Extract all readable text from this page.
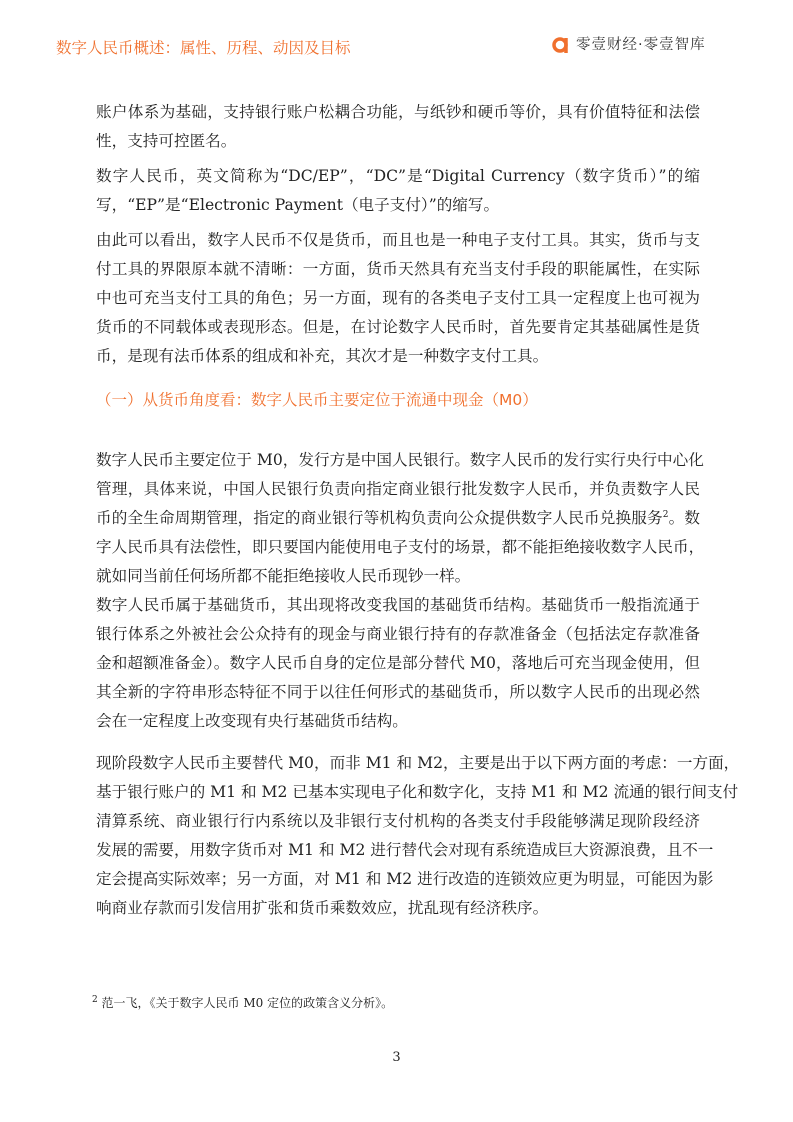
数字人民币概述：属性、历程、动因及目标	零壹财经·零壹智库
账户体系为基础，支持银行账户松耦合功能，与纸钞和硬币等价，具有价值特征和法偿
性，支持可控匿名。
数字人民币，英文简称为“DC/EP”，“DC”是“Digital Currency（数字货币）”的缩
写，“EP”是“Electronic Payment（电子支付）”的缩写。
由此可以看出，数字人民币不仅是货币，而且也是一种电子支付工具。其实，货币与支
付工具的界限原本就不清晰：一方面，货币天然具有充当支付手段的职能属性，在实际
中也可充当支付工具的角色；另一方面，现有的各类电子支付工具一定程度上也可视为
货币的不同载体或表现形态。但是，在讨论数字人民币时，首先要肯定其基础属性是货
币，是现有法币体系的组成和补充，其次才是一种数字支付工具。
（一）从货币角度看：数字人民币主要定位于流通中现金（M0）
数字人民币主要定位于 M0，发行方是中国人民银行。数字人民币的发行实行央行中心化
管理，具体来说，中国人民银行负责向指定商业银行批发数字人民币，并负责数字人民
币的全生命周期管理，指定的商业银行等机构负责向公众提供数字人民币兑换服务$^2$。数
字人民币具有法偿性，即只要国内能使用电子支付的场景，都不能拒绝接收数字人民币，
就如同当前任何场所都不能拒绝接收人民币现钞一样。
数字人民币属于基础货币，其出现将改变我国的基础货币结构。基础货币一般指流通于
银行体系之外被社会公众持有的现金与商业银行持有的存款准备金（包括法定存款准备
金和超额准备金）。数字人民币自身的定位是部分替代 M0，落地后可充当现金使用，但
其全新的字符串形态特征不同于以往任何形式的基础货币，所以数字人民币的出现必然
会在一定程度上改变现有央行基础货币结构。
现阶段数字人民币主要替代 M0，而非 M1 和 M2，主要是出于以下两方面的考虑：一方面，
基于银行账户的 M1 和 M2 已基本实现电子化和数字化，支持 M1 和 M2 流通的银行间支付
清算系统、商业银行行内系统以及非银行支付机构的各类支付手段能够满足现阶段经济
发展的需要，用数字货币对 M1 和 M2 进行替代会对现有系统造成巨大资源浪费，且不一
定会提高实际效率；另一方面，对 M1 和 M2 进行改造的连锁效应更为明显，可能因为影
响商业存款而引发信用扩张和货币乘数效应，扰乱现有经济秩序。
$^2$ 范一飞，《关于数字人民币 M0 定位的政策含义分析》。
3
